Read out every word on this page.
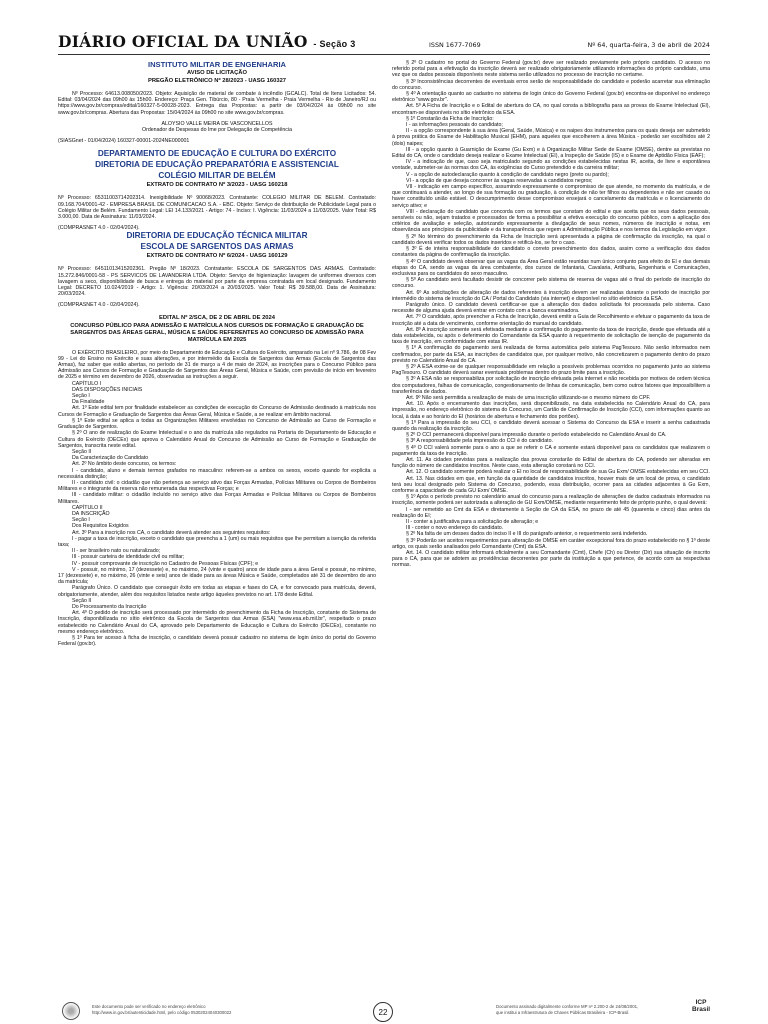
DIÁRIO OFICIAL DA UNIÃO - Seção 3	ISSN 1677-7069	Nº 64, quarta-feira, 3 de abril de 2024
INSTITUTO MILITAR DE ENGENHARIA
AVISO DE LICITAÇÃO
PREGÃO ELETRÔNICO Nº 28/2023 - UASG 160327

Nº Processo: 64613.008050/2023. Objeto: Aquisição de material de combate à incêndio (GCALC). Total de Itens Licitados: 54. Edital: 03/04/2024 das 09h00 às 15h00. Endereço: Praça Gen. Tibúrcio, 80 - Praia Vermelha - Praia Vermelha - Rio de Janeiro/RJ ou https://www.gov.br/compras/edital/160327-5-00028-2023. Entrega das Propostas: a partir de 03/04/2024 às 09h00 no site www.gov.br/compras. Abertura das Propostas: 15/04/2024 às 09h00 no site www.gov.br/compras.

ALOYSIO VALLE MEIRA DE VASCONCELLOS
Ordenador de Despesas do Ime por Delegação de Competência

(SIASGnet - 01/04/2024) 160327-00001-2024NE000001

DEPARTAMENTO DE EDUCAÇÃO E CULTURA DO EXÉRCITO
DIRETORIA DE EDUCAÇÃO PREPARATÓRIA E ASSISTENCIAL
COLÉGIO MILITAR DE BELÉM
EXTRATO DE CONTRATO Nº 3/2023 - UASG 160218

Nº Processo: 65311003714202314. Inexigibilidade Nº 90068/2023. Contratante: COLEGIO MILITAR DE BELEM. Contratado: 09.168.704/0001-42 - EMPRESA BRASIL DE COMUNICACAO S.A. - EBC. Objeto: Serviço de distribuição de Publicidade Legal para o Colégio Militar de Belém. Fundamento Legal: LEI 14.133/2021 - Artigo: 74 - Inciso: I. Vigência: 11/03/2024 a 11/03/2025. Valor Total: R$ 3.000,00. Data de Assinatura: 11/03/2024.

(COMPRASNET 4.0 - 02/04/2024).

DIRETORIA DE EDUCAÇÃO TÉCNICA MILITAR
ESCOLA DE SARGENTOS DAS ARMAS
EXTRATO DE CONTRATO Nº 6/2024 - UASG 160129

Nº Processo: 64511013415202361. Pregão Nº 18/2023. Contratante: ESCOLA DE SARGENTOS DAS ARMAS. Contratado: 15.272.846/0001-58 - PS SERVICOS DE LAVANDERIA LTDA. Objeto: Serviço de higienização: lavagem de uniformes diversos com lavagem a seco, disponibilidade de busca e entrega do material por parte da empresa contratada em local designado. Fundamento Legal: DECRETO 10.024/2019 - Artigo: 1. Vigência: 20/03/2024 a 20/03/2025. Valor Total: R$ 39.588,00. Data de Assinatura: 20/03/2024.

(COMPRASNET 4.0 - 02/04/2024).

EDITAL Nº 2/SCA, DE 2 DE ABRIL DE 2024
CONCURSO PÚBLICO PARA ADMISSÃO E MATRÍCULA NOS CURSOS DE FORMAÇÃO E GRADUAÇÃO DE SARGENTOS DAS ÁREAS GERAL, MÚSICA E SAÚDE REFERENTES AO CONCURSO DE ADMISSÃO PARA MATRÍCULA EM 2025

O EXÉRCITO BRASILEIRO, por meio do Departamento de Educação e Cultura do Exército, amparado na Lei nº 9.786, de 08 Fev 99 - Lei do Ensino no Exército e suas alterações, e por intermédio da Escola de Sargentos das Armas (Escola de Sargentos das Armas), faz saber que estão abertas, no período de 31 de março a 4 de maio de 2024, as inscrições para o Concurso Público para Admissão aos Cursos de Formação e Graduação de Sargentos das Áreas Geral, Música e Saúde, com previsão de início em fevereiro de 2025 e término em dezembro de 2026, observadas as instruções a seguir.

CAPÍTULO I

DAS DISPOSIÇÕES INICIAIS

Seção I

Da Finalidade

Art. 1º Este edital tem por finalidade estabelecer as condições de execução do Concurso de Admissão destinado à matrícula nos Cursos de Formação e Graduação de Sargentos das Áreas Geral, Música e Saúde, a se realizar em âmbito nacional.

§ 1º Este edital se aplica a todas as Organizações Militares envolvidas no Concurso de Admissão ao Curso de Formação e Graduação de Sargentos.

§ 2º O ano de realização do Exame Intelectual e o ano da matrícula são regulados na Portaria do Departamento de Educação e Cultura do Exército (DECEx) que aprova o Calendário Anual do Concurso de Admissão ao Curso de Formação e Graduação de Sargentos, transcrita neste edital.

Seção II

Da Caracterização do Candidato

Art. 2º No âmbito deste concurso, os termos:

I - candidato, aluno e demais termos grafados no masculino: referem-se a ambos os sexos, exceto quando for explícita a necessária distinção;

II - candidato civil: o cidadão que não pertença ao serviço ativo das Forças Armadas, Polícias Militares ou Corpos de Bombeiros Militares e o integrante da reserva não remunerada das respectivas Forças; e

III - candidato militar: o cidadão incluído no serviço ativo das Forças Armadas e Polícias Militares ou Corpos de Bombeiros Militares.

CAPÍTULO II

DA INSCRIÇÃO

Seção I

Dos Requisitos Exigidos

Art. 3º Para a inscrição nos CA, o candidato deverá atender aos seguintes requisitos:

I - pagar a taxa de inscrição, exceto o candidato que preencha a 1 (um) ou mais requisitos que lhe permitam a isenção da referida taxa;

II - ser brasileiro nato ou naturalizado;

III - possuir carteira de identidade civil ou militar;

IV - possuir comprovante de inscrição no Cadastro de Pessoas Físicas (CPF); e

V - possuir, no mínimo, 17 (dezessete) e, no máximo, 24 (vinte e quatro) anos de idade para a área Geral e possuir, no mínimo, 17 (dezessete) e, no máximo, 26 (vinte e seis) anos de idade para as áreas Música e Saúde, completados até 31 de dezembro do ano da matrícula;

Parágrafo Único. O candidato que conseguir êxito em todas as etapas e fases do CA, e for convocado para matrícula, deverá, obrigatoriamente, atender, além dos requisitos listados neste artigo àqueles previstos no art. 178 deste Edital.

Seção II

Do Processamento da Inscrição

Art. 4º O pedido de inscrição será processado por intermédio do preenchimento da Ficha de Inscrição, constante do Sistema de Inscrição, disponibilizada no sítio eletrônico da Escola de Sargentos das Armas (ESA) "www.esa.eb.mil.br", respeitado o prazo estabelecido no Calendário Anual do CA, aprovado pelo Departamento de Educação e Cultura do Exército (DECEx), constante no mesmo endereço eletrônico.

§ 1º Para ter acesso à ficha de inscrição, o candidato deverá possuir cadastro no sistema de login único do portal do Governo Federal (gov.br).

§ 2º O cadastro no portal do Governo Federal (gov.br) deve ser realizado previamente pelo próprio candidato. O acesso no referido portal para a efetivação da inscrição deverá ser realizado obrigatoriamente utilizando informações do próprio candidato, uma vez que os dados pessoais disponíveis neste sistema serão utilizados no processo de inscrição no certame.

§ 3º Inconsistências decorrentes de eventuais erros serão de responsabilidade do candidato e poderão acarretar sua eliminação do concurso.

§ 4º A orientação quanto ao cadastro no sistema de login único do Governo Federal (gov.br) encontra-se disponível no endereço eletrônico "www.gov.br".

Art. 5º A Ficha de Inscrição e o Edital de abertura do CA, no qual consta a bibliografia para as provas do Exame Intelectual (EI), encontram-se disponíveis no sítio eletrônico da ESA.

§ 1º Constarão da Ficha de Inscrição:

I - as informações pessoais do candidato;

II - a opção correspondente à sua área (Geral, Saúde, Música) e os naipes dos instrumentos para os quais deseja ser submetido à prova prática do Exame de Habilitação Musical (EHM), para aqueles que escolherem a área Música - poderão ser escolhidos até 2 (dois) naipes;

III - a opção quanto à Guarnição de Exame (Gu Exm) e à Organização Militar Sede de Exame (OMSE), dentre as previstas no Edital do CA, onde o candidato deseja realizar o Exame Intelectual (EI), a Inspeção de Saúde (IS) e o Exame de Aptidão Física (EAF);

IV - a indicação de que, caso seja matriculado segundo as condições estabelecidas nestas IR, aceita, de livre e espontânea vontade, submeter-se às normas dos CA, às exigências do Curso pretendido e da carreira militar;

V - a opção de autodeclaração quanto à condição de candidato negro (preto ou pardo);

VI - a opção de que deseja concorrer às vagas reservadas a candidatos negros;

VII - indicação em campo específico, assumindo expressamente o compromisso de que atende, no momento da matrícula, e de que continuará a atender, ao longo de sua formação ou graduação, à condição de não ter filhos ou dependentes e não ser casado ou haver constituído união estável. O descumprimento desse compromisso ensejará o cancelamento da matrícula e o licenciamento do serviço ativo; e

VIII - declaração do candidato que concorda com os termos que constam do edital e que aceita que os seus dados pessoais, sensíveis ou não, sejam tratados e processados de forma a possibilitar a efetiva execução do concurso público, com a aplicação dos critérios de avaliação e seleção, autorizando expressamente a divulgação de seus nomes, números de inscrição e notas, em observância aos princípios da publicidade e da transparência que regem a Administração Pública e nos termos da Legislação em vigor.

§ 2º No término do preenchimento da Ficha de Inscrição será apresentada a página de confirmação da inscrição, na qual o candidato deverá verificar todos os dados inseridos e retificá-los, se for o caso.

§ 3º É de inteira responsabilidade do candidato o correto preenchimento dos dados, assim como a verificação dos dados constantes da página de confirmação da inscrição.

§ 4º O candidato deverá observar que as vagas da Área Geral estão reunidas num único conjunto para efeito do EI e das demais etapas do CA, sendo as vagas da área combatente, dos cursos de Infantaria, Cavalaria, Artilharia, Engenharia e Comunicações, exclusivas para os candidatos do sexo masculino.

§ 5º Ao candidato será facultado desistir de concorrer pelo sistema de reserva de vagas até o final do período de inscrição do concurso.

Art. 6º As solicitações de alteração de dados referentes à inscrição devem ser realizadas durante o período de inscrição por intermédio do sistema de inscrição do CA / Portal do Candidato (via internet) e disponível no sítio eletrônico da ESA.

Parágrafo único. O candidato deverá certificar-se que a alteração dos dados solicitada foi processada pelo sistema. Caso necessite de alguma ajuda deverá entrar em contato com a banca examinadora.

Art. 7º O candidato, após preencher a Ficha de Inscrição, deverá emitir a Guia de Recolhimento e efetuar o pagamento da taxa de inscrição até a data de vencimento, conforme orientação do manual do candidato.

Art. 8º A inscrição somente será efetivada mediante a confirmação do pagamento da taxa de inscrição, desde que efetuada até a data estabelecida, ou após o deferimento do Comandante da ESA quanto à requerimento de solicitação de isenção de pagamento da taxa de inscrição, em conformidade com estas IR.

§ 1º A confirmação do pagamento será realizada de forma automática pelo sistema PagTesouro. Não serão informados nem confirmados, por parte da ESA, as inscrições de candidatos que, por qualquer motivo, não concretizarem o pagamento dentro do prazo previsto no Calendário Anual do CA.

§ 2º A ESA exime-se de qualquer responsabilidade em relação a possíveis problemas ocorridos no pagamento junto ao sistema PagTesouro. O candidato deverá sanar eventuais problemas dentro do prazo limite para a inscrição.

§ 3º A ESA não se responsabiliza por solicitação de inscrição efetuada pela internet e não recebida por motivos de ordem técnica dos computadores, falhas de comunicação, congestionamento de linhas de comunicação, bem como outros fatores que impossibilitem a transferência de dados.

Art. 9º Não será permitida a realização de mais de uma inscrição utilizando-se o mesmo número do CPF.

Art. 10. Após o encerramento das inscrições, será disponibilizado, na data estabelecida no Calendário Anual do CA, para impressão, no endereço eletrônico do sistema do Concurso, um Cartão de Confirmação de Inscrição (CCI), com informações quanto ao local, à data e ao horário do EI (horários de abertura e fechamento dos portões).

§ 1º Para a impressão do seu CCI, o candidato deverá acessar o Sistema do Concurso da ESA e inserir a senha cadastrada quando da realização da inscrição.

§ 2º O CCI permanecerá disponível para impressão durante o período estabelecido no Calendário Anual do CA.

§ 3º A responsabilidade pela impressão do CCI é do candidato.

§ 4º O CCI valerá somente para o ano a que se referir o CA e somente estará disponível para os candidatos que realizarem o pagamento da taxa de inscrição.

Art. 11. As cidades previstas para a realização das provas constarão do Edital de abertura do CA, podendo ser alteradas em função do número de candidatos inscritos. Neste caso, esta alteração constará no CCI.

Art. 12. O candidato somente poderá realizar o EI no local de responsabilidade de sua Gu Exm/ OMSE estabelecidas em seu CCI.

Art. 13. Nas cidades em que, em função da quantidade de candidatos inscritos, houver mais de um local de prova, o candidato terá seu local designado pelo Sistema do Concurso, podendo, essa distribuição, ocorrer para as cidades adjacentes à Gu Exm, conforme a capacidade de cada GU Exm/ OMSE.

§ 1º Após o período previsto no calendário anual do concurso para a realização de alterações de dados cadastrais informados na inscrição, somente poderá ser autorizada a alteração de GU Exm/OMSE, mediante requerimento feito de próprio punho, o qual deverá:

I - ser remetido ao Cmt da ESA e diretamente à Seção de CA da ESA, no prazo de até 45 (quarenta e cinco) dias antes da realização do EI;

II - conter a justificativa para a solicitação de alteração; e

III - conter o novo endereço do candidato.

§ 2º Na falta de um desses dados do inciso II e III do parágrafo anterior, o requerimento será indeferido.

§ 3º Poderão ser aceitos requerimentos para alteração de OMSE em caráter excepcional fora do prazo estabelecido no § 1º deste artigo, os quais serão analisados pelo Comandante (Cmt) da ESA.

Art. 14. O candidato militar informará oficialmente a seu Comandante (Cmt), Chefe (Ch) ou Diretor (Dir) sua situação de inscrito para o CA, para que se adotem as providências decorrentes por parte da instituição a que pertence, de acordo com as respectivas normas.

Este documento pode ser verificado no endereço eletrônico
http://www.in.gov.br/autenticidade.html, pelo código 05302024040300022	22
Documento assinado digitalmente conforme MP nº 2.200-2 de 24/08/2001,
que institui a Infraestrutura de Chaves Públicas Brasileira - ICP-Brasil.
ICP Brasil
